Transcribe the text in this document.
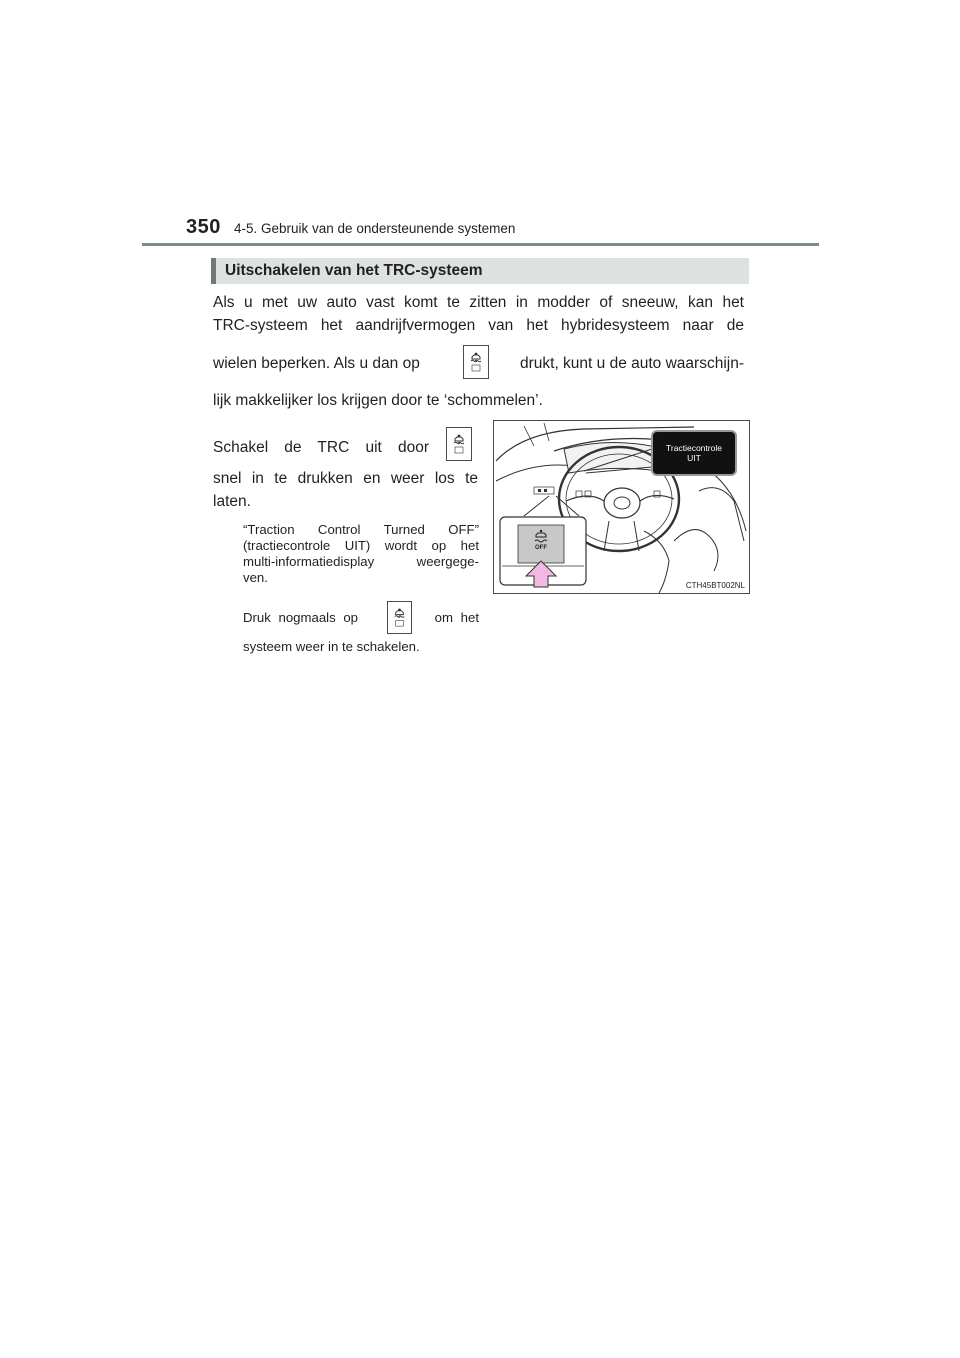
350 4-5. Gebruik van de ondersteunende systemen
Uitschakelen van het TRC-systeem
Als u met uw auto vast komt te zitten in modder of sneeuw, kan het
TRC-systeem het aandrijfvermogen van het hybridesysteem naar de
wielen beperken. Als u dan op	drukt, kunt u de auto waarschijn-
lijk makkelijker los krijgen door te ‘schommelen’.
Schakel de TRC uit door
snel in te drukken en weer los te
laten.
“Traction Control Turned OFF”
(tractiecontrole UIT) wordt op het
multi-informatiedisplay weergege-
ven.
Druk nogmaals op	om het
systeem weer in te schakelen.
Tractiecontrole
UIT
OFF
CTH45BT002NL
